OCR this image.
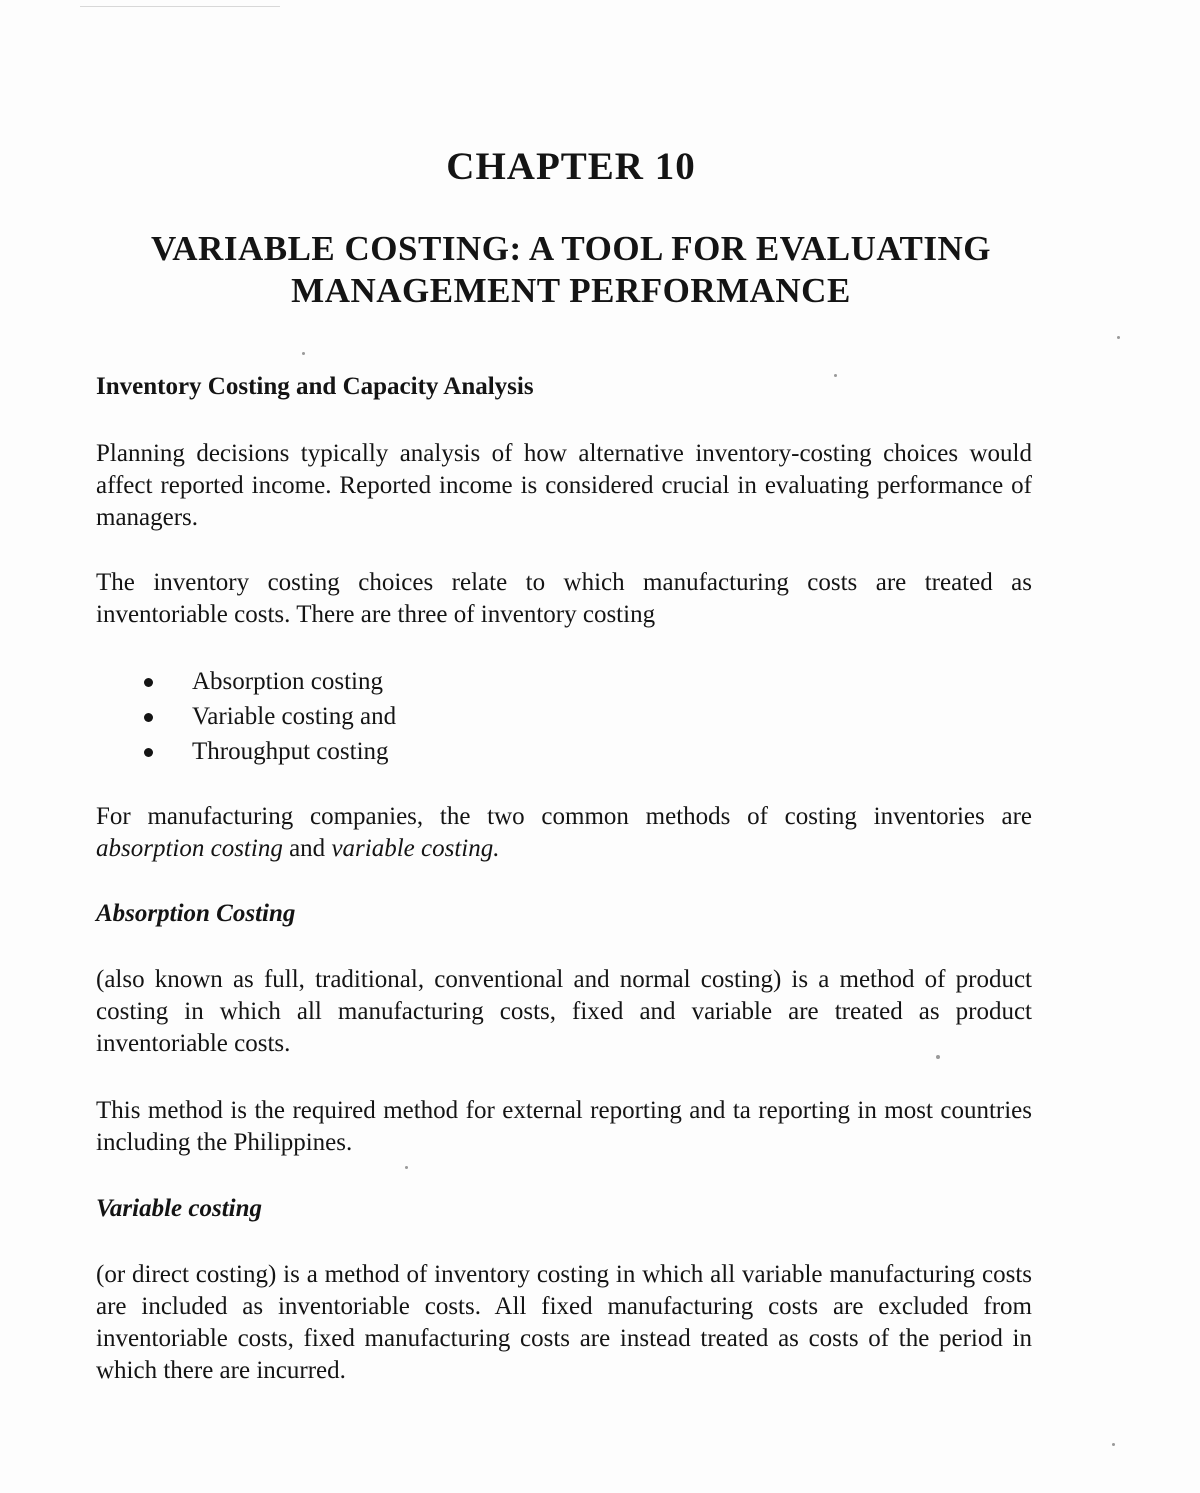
CHAPTER 10
VARIABLE COSTING: A TOOL FOR EVALUATING
MANAGEMENT PERFORMANCE
Inventory Costing and Capacity Analysis
Planning decisions typically analysis of how alternative inventory-costing choices would affect reported income. Reported income is considered crucial in evaluating performance of managers.
The inventory costing choices relate to which manufacturing costs are treated as inventoriable costs. There are three of inventory costing
Absorption costing
Variable costing and
Throughput costing
For manufacturing companies, the two common methods of costing inventories are absorption costing and variable costing.
Absorption Costing
(also known as full, traditional, conventional and normal costing) is a method of product costing in which all manufacturing costs, fixed and variable are treated as product inventoriable costs.
This method is the required method for external reporting and ta reporting in most countries including the Philippines.
Variable costing
(or direct costing) is a method of inventory costing in which all variable manufacturing costs are included as inventoriable costs. All fixed manufacturing costs are excluded from inventoriable costs, fixed manufacturing costs are instead treated as costs of the period in which there are incurred.
